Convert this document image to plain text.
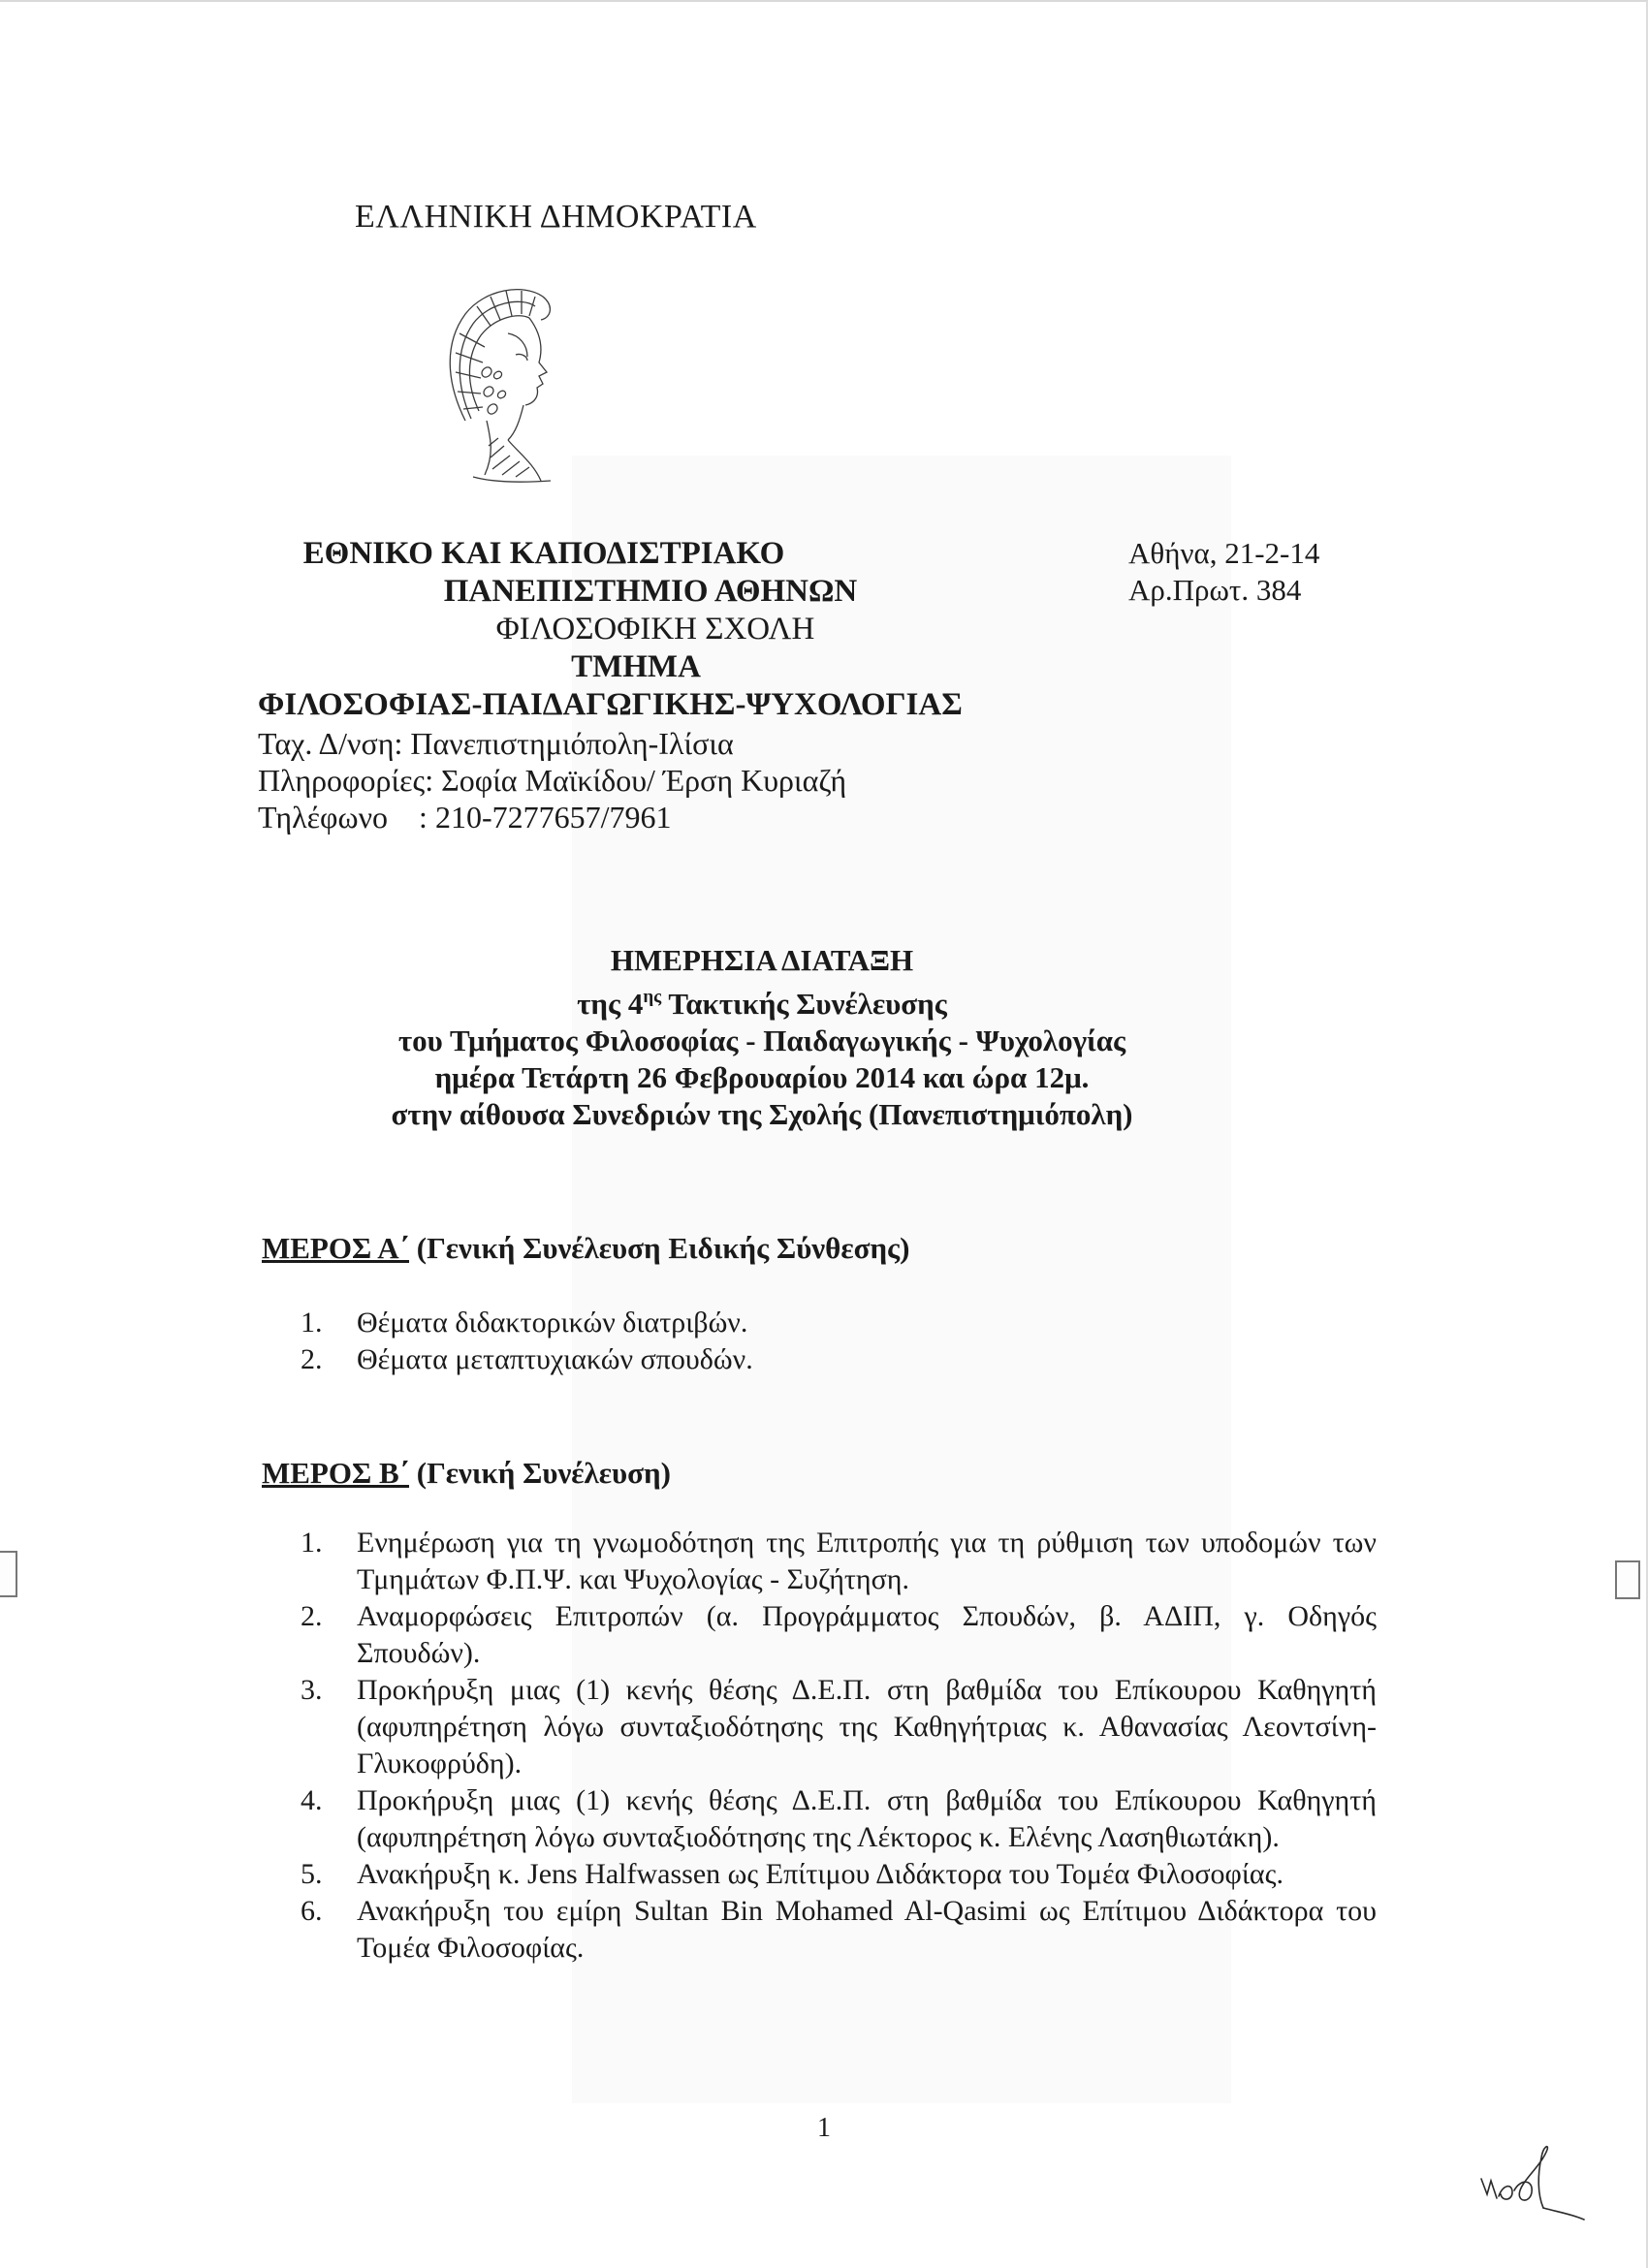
ΕΛΛΗΝΙΚΗ ΔΗΜΟΚΡΑΤΙΑ
ΕΘΝΙΚΟ ΚΑΙ ΚΑΠΟΔΙΣΤΡΙΑΚΟ
ΠΑΝΕΠΙΣΤΗΜΙΟ ΑΘΗΝΩΝ
ΦΙΛΟΣΟΦΙΚΗ ΣΧΟΛΗ
ΤΜΗΜΑ
ΦΙΛΟΣΟΦΙΑΣ-ΠΑΙΔΑΓΩΓΙΚΗΣ-ΨΥΧΟΛΟΓΙΑΣ
Ταχ. Δ/νση: Πανεπιστημιόπολη-Ιλίσια
Πληροφορίες: Σοφία Μαϊκίδου/ Έρση Κυριαζή
Τηλέφωνο    : 210-7277657/7961
Αθήνα, 21-2-14
Αρ.Πρωτ. 384
ΗΜΕΡΗΣΙΑ ΔΙΑΤΑΞΗ
της $4^{\eta\varsigma}$ Τακτικής Συνέλευσης
του Τμήματος Φιλοσοφίας - Παιδαγωγικής - Ψυχολογίας
ημέρα Τετάρτη 26 Φεβρουαρίου 2014 και ώρα 12μ.
στην αίθουσα Συνεδριών της Σχολής (Πανεπιστημιόπολη)
ΜΕΡΟΣ Α΄ (Γενική Συνέλευση Ειδικής Σύνθεσης)
1.	Θέματα διδακτορικών διατριβών.
2.	Θέματα μεταπτυχιακών σπουδών.
ΜΕΡΟΣ Β΄ (Γενική Συνέλευση)
1.	Ενημέρωση για τη γνωμοδότηση της Επιτροπής για τη ρύθμιση των υποδομών των Τμημάτων Φ.Π.Ψ. και Ψυχολογίας - Συζήτηση.
2.	Αναμορφώσεις Επιτροπών (α. Προγράμματος Σπουδών, β. ΑΔΙΠ, γ. Οδηγός Σπουδών).
3.	Προκήρυξη μιας (1) κενής θέσης Δ.Ε.Π. στη βαθμίδα του Επίκουρου Καθηγητή (αφυπηρέτηση λόγω συνταξιοδότησης της Καθηγήτριας κ. Αθανασίας Λεοντσίνη-Γλυκοφρύδη).
4.	Προκήρυξη μιας (1) κενής θέσης Δ.Ε.Π. στη βαθμίδα του Επίκουρου Καθηγητή (αφυπηρέτηση λόγω συνταξιοδότησης της Λέκτορος κ. Ελένης Λασηθιωτάκη).
5.	Ανακήρυξη κ. Jens Halfwassen ως Επίτιμου Διδάκτορα του Τομέα Φιλοσοφίας.
6.	Ανακήρυξη του εμίρη Sultan Bin Mohamed Al-Qasimi ως Επίτιμου Διδάκτορα του Τομέα Φιλοσοφίας.
1
